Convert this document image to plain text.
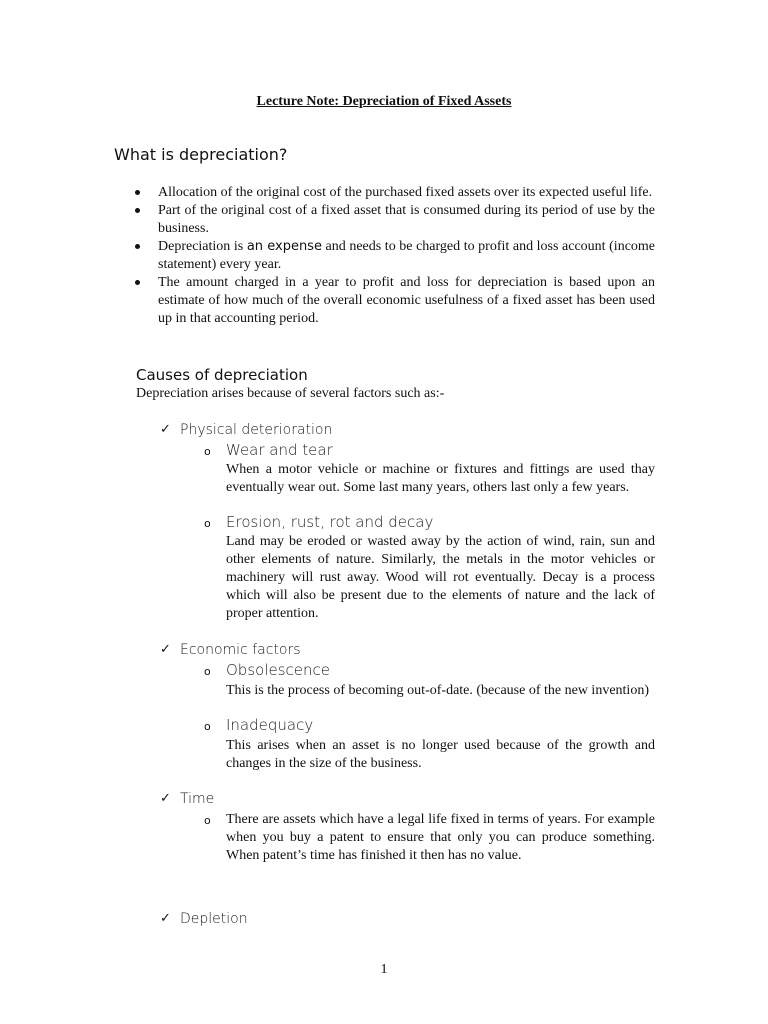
Lecture Note: Depreciation of Fixed Assets
What is depreciation?
Allocation of the original cost of the purchased fixed assets over its expected useful life.
Part of the original cost of a fixed asset that is consumed during its period of use by the business.
Depreciation is an expense and needs to be charged to profit and loss account (income statement) every year.
The amount charged in a year to profit and loss for depreciation is based upon an estimate of how much of the overall economic usefulness of a fixed asset has been used up in that accounting period.
Causes of depreciation
Depreciation arises because of several factors such as:-
✓ Physical deterioration
o Wear and tear
When a motor vehicle or machine or fixtures and fittings are used thay eventually wear out. Some last many years, others last only a few years.
o Erosion, rust, rot and decay
Land may be eroded or wasted away by the action of wind, rain, sun and other elements of nature. Similarly, the metals in the motor vehicles or machinery will rust away. Wood will rot eventually. Decay is a process which will also be present due to the elements of nature and the lack of proper attention.
✓ Economic factors
o Obsolescence
This is the process of becoming out-of-date. (because of the new invention)
o Inadequacy
This arises when an asset is no longer used because of the growth and changes in the size of the business.
✓ Time
o There are assets which have a legal life fixed in terms of years. For example when you buy a patent to ensure that only you can produce something. When patent’s time has finished it then has no value.
✓ Depletion
1
